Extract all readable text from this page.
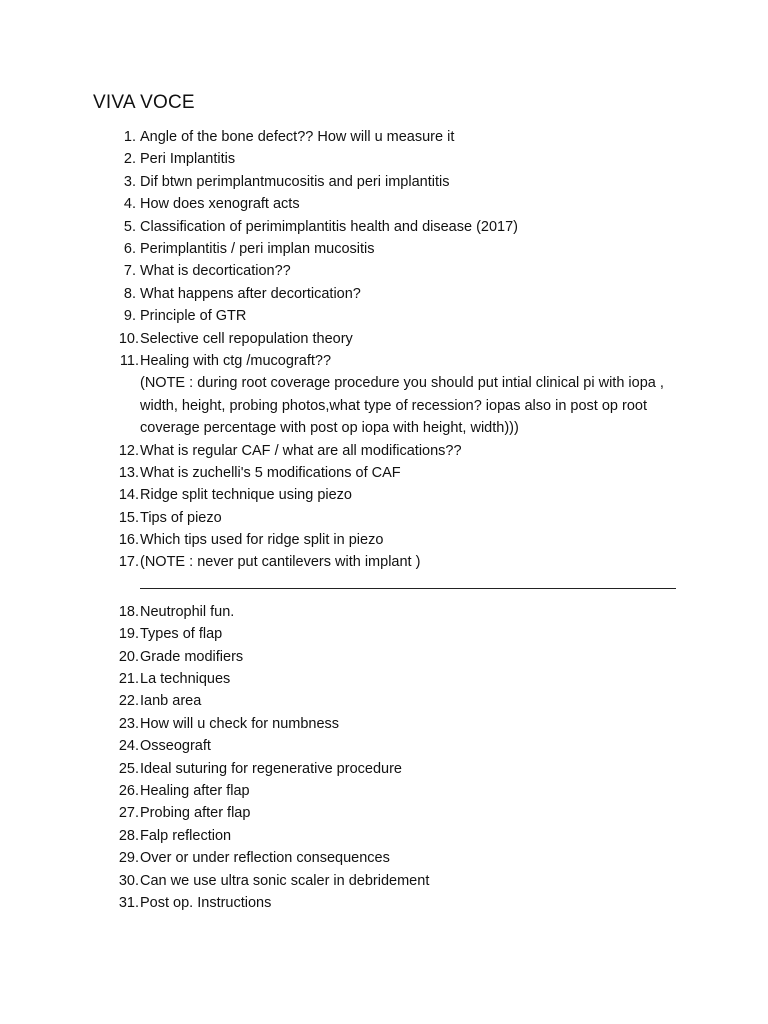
VIVA VOCE
1. Angle of the bone defect?? How will u measure it
2. Peri Implantitis
3. Dif btwn perimplantmucositis and peri implantitis
4. How does xenograft acts
5. Classification of perimimplantitis health and disease (2017)
6. Perimplantitis / peri implan mucositis
7. What is decortication??
8. What happens after decortication?
9. Principle of GTR
10. Selective cell repopulation theory
11. Healing with ctg /mucograft??
(NOTE : during root coverage procedure you should put intial clinical pi with iopa , width, height, probing photos,what type of recession? iopas also in post op root coverage percentage with post op iopa with height, width)))
12. What is regular CAF / what are all modifications??
13. What is zuchelli's 5 modifications of CAF
14. Ridge split technique using piezo
15. Tips of piezo
16. Which tips used for ridge split in piezo
17. (NOTE : never put cantilevers with implant )
18. Neutrophil fun.
19. Types of flap
20. Grade modifiers
21. La techniques
22. Ianb area
23. How will u check for numbness
24. Osseograft
25. Ideal suturing for regenerative procedure
26. Healing after flap
27. Probing after flap
28. Falp reflection
29. Over or under reflection consequences
30. Can we use ultra sonic scaler in debridement
31. Post op. Instructions
